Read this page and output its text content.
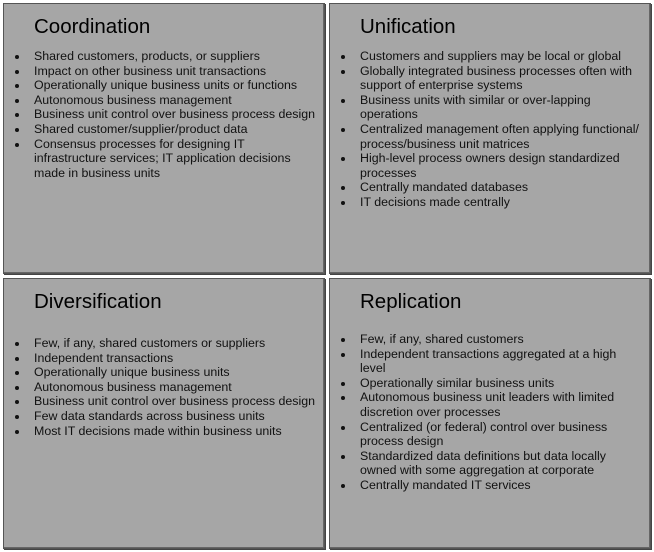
Coordination
Shared customers, products, or suppliers
Impact on other business unit transactions
Operationally unique business units or functions
Autonomous business management
Business unit control over business process design
Shared customer/supplier/product data
Consensus processes for designing IT infrastructure services; IT application decisions made in business units
Unification
Customers and suppliers may be local or global
Globally integrated business processes often with support of enterprise systems
Business units with similar or over-lapping operations
Centralized management often applying functional/ process/business unit matrices
High-level process owners design standardized processes
Centrally mandated databases
IT decisions made centrally
Diversification
Few, if any, shared customers or suppliers
Independent transactions
Operationally unique business units
Autonomous business management
Business unit control over business process design
Few data standards across business units
Most IT decisions made within business units
Replication
Few, if any, shared customers
Independent transactions aggregated at a high level
Operationally similar business units
Autonomous business unit leaders with limited discretion over processes
Centralized (or federal) control over business process design
Standardized data definitions but data locally owned with some aggregation at corporate
Centrally mandated IT services
